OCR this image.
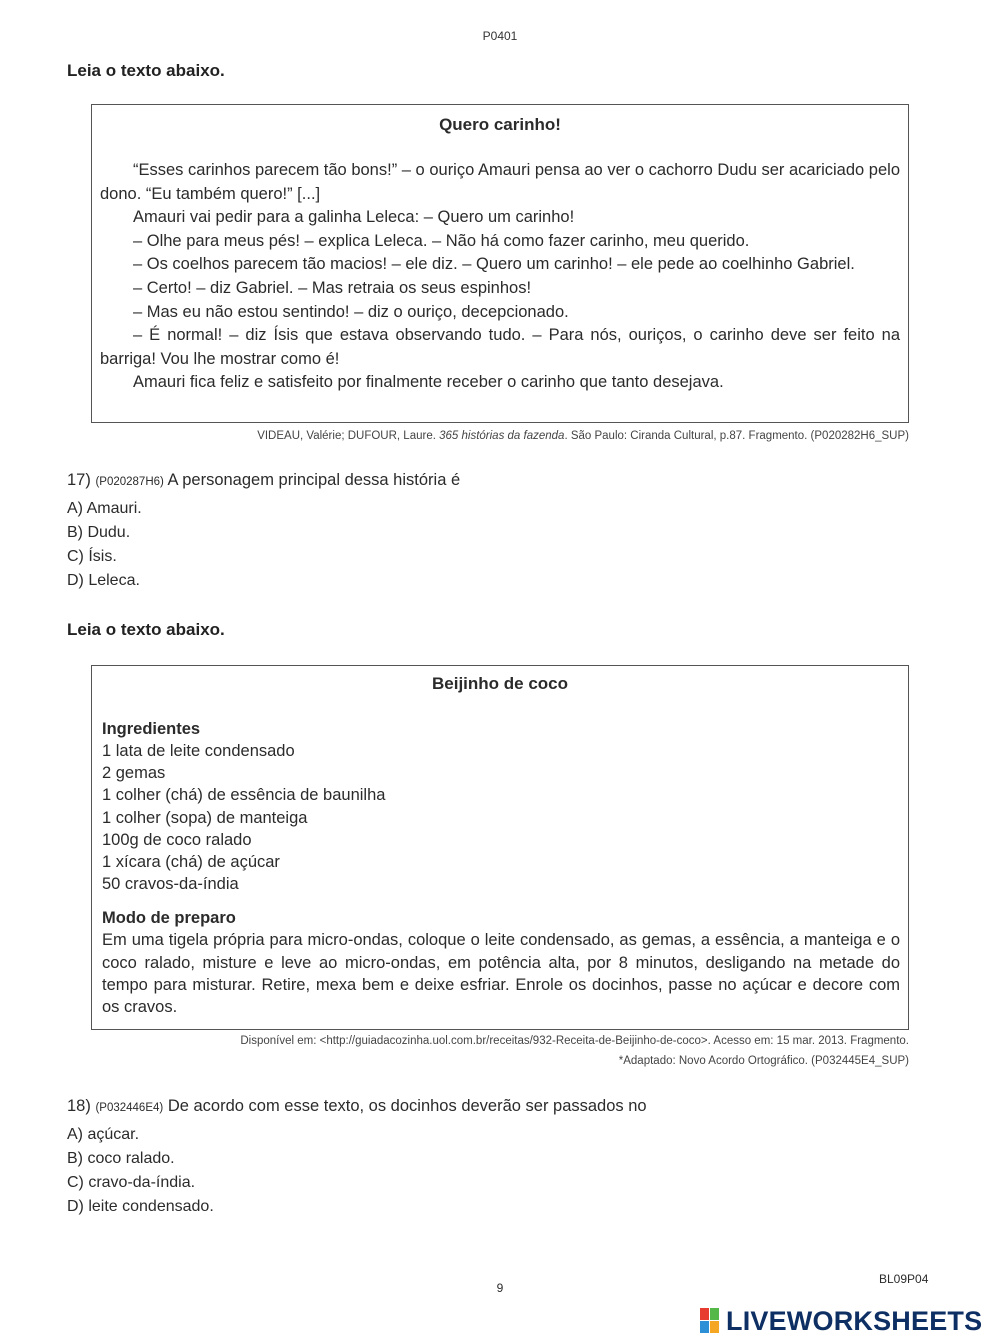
P0401
Leia o texto abaixo.
Quero carinho!

“Esses carinhos parecem tão bons!” – o ouriço Amauri pensa ao ver o cachorro Dudu ser acariciado pelo dono. “Eu também quero!” [...]

Amauri vai pedir para a galinha Leleca: – Quero um carinho!

– Olhe para meus pés! – explica Leleca. – Não há como fazer carinho, meu querido.

– Os coelhos parecem tão macios! – ele diz. – Quero um carinho! – ele pede ao coelhinho Gabriel.

– Certo! – diz Gabriel. – Mas retraia os seus espinhos!

– Mas eu não estou sentindo! – diz o ouriço, decepcionado.

– É normal! – diz Ísis que estava observando tudo. – Para nós, ouriços, o carinho deve ser feito na barriga! Vou lhe mostrar como é!

Amauri fica feliz e satisfeito por finalmente receber o carinho que tanto desejava.

VIDEAU, Valérie; DUFOUR, Laure. 365 histórias da fazenda. São Paulo: Ciranda Cultural, p.87. Fragmento. (P020282H6_SUP)
17) (P020287H6) A personagem principal dessa história é
A) Amauri.
B) Dudu.
C) Ísis.
D) Leleca.
Leia o texto abaixo.
Beijinho de coco
Ingredientes
1 lata de leite condensado
2 gemas
1 colher (chá) de essência de baunilha
1 colher (sopa) de manteiga
100g de coco ralado
1 xícara (chá) de açúcar
50 cravos-da-índia
Modo de preparo

Em uma tigela própria para micro-ondas, coloque o leite condensado, as gemas, a essência, a manteiga e o coco ralado, misture e leve ao micro-ondas, em potência alta, por 8 minutos, desligando na metade do tempo para misturar. Retire, mexa bem e deixe esfriar. Enrole os docinhos, passe no açúcar e decore com os cravos.

Disponível em: <http://guiadacozinha.uol.com.br/receitas/932-Receita-de-Beijinho-de-coco>. Acesso em: 15 mar. 2013. Fragmento.
*Adaptado: Novo Acordo Ortográfico. (P032445E4_SUP)
18) (P032446E4) De acordo com esse texto, os docinhos deverão ser passados no
A) açúcar.
B) coco ralado.
C) cravo-da-índia.
D) leite condensado.
BL09P04
9
LIVEWORKSHEETS
